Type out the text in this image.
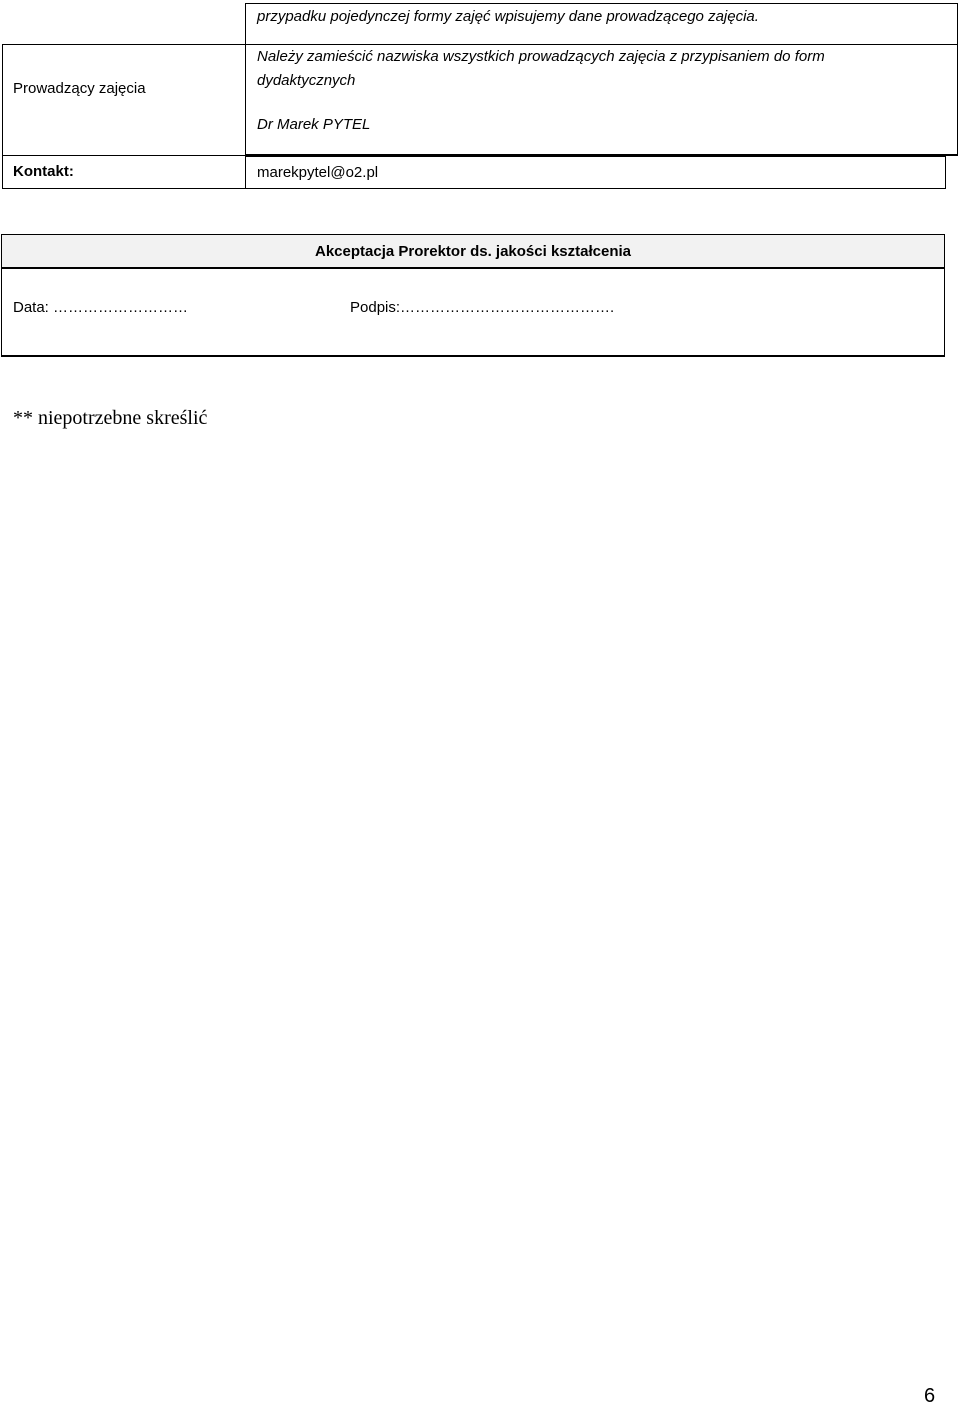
przypadku pojedynczej formy zajęć wpisujemy dane prowadzącego zajęcia.
Prowadzący zajęcia
Należy zamieścić nazwiska wszystkich prowadzących zajęcia z przypisaniem do form
dydaktycznych
Dr Marek PYTEL
Kontakt:	marekpytel@o2.pl
Akceptacja Prorektor ds. jakości kształcenia
Data: ………………………	Podpis:…………………………………….
** niepotrzebne skreślić
6
